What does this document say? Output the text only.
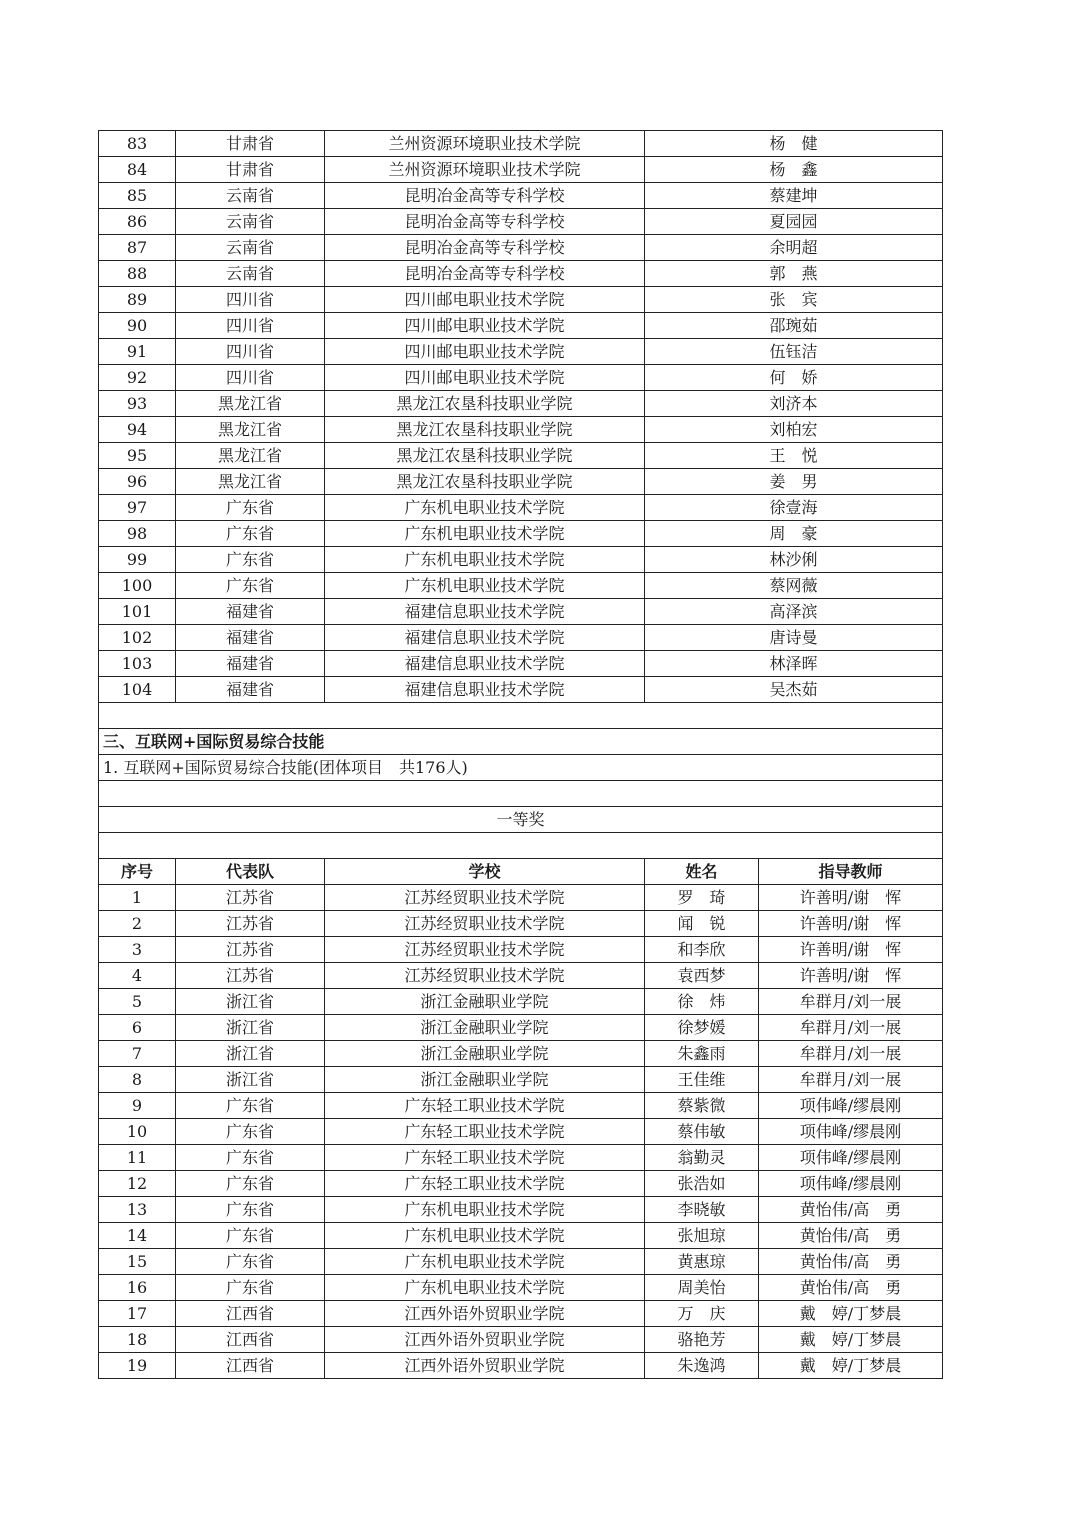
83	甘肃省	兰州资源环境职业技术学院	杨　健	
84	甘肃省	兰州资源环境职业技术学院	杨　鑫	
85	云南省	昆明冶金高等专科学校	蔡建坤	
86	云南省	昆明冶金高等专科学校	夏园园	
87	云南省	昆明冶金高等专科学校	余明超	
88	云南省	昆明冶金高等专科学校	郭　燕	
89	四川省	四川邮电职业技术学院	张　宾	
90	四川省	四川邮电职业技术学院	邵琬茹	
91	四川省	四川邮电职业技术学院	伍钰洁	
92	四川省	四川邮电职业技术学院	何　娇	
93	黑龙江省	黑龙江农垦科技职业学院	刘济本	
94	黑龙江省	黑龙江农垦科技职业学院	刘柏宏	
95	黑龙江省	黑龙江农垦科技职业学院	王　悦	
96	黑龙江省	黑龙江农垦科技职业学院	姜　男	
97	广东省	广东机电职业技术学院	徐壹海	
98	广东省	广东机电职业技术学院	周　豪	
99	广东省	广东机电职业技术学院	林沙俐	
100	广东省	广东机电职业技术学院	蔡网薇	
101	福建省	福建信息职业技术学院	高泽滨	
102	福建省	福建信息职业技术学院	唐诗曼	
103	福建省	福建信息职业技术学院	林泽晖	
104	福建省	福建信息职业技术学院	吴杰茹	

三、互联网+国际贸易综合技能				
1. 互联网+国际贸易综合技能(团体项目　共176人)				

一等奖				

序号	代表队	学校	姓名	指导教师
1	江苏省	江苏经贸职业技术学院	罗　琦	许善明/谢　恽
2	江苏省	江苏经贸职业技术学院	闻　锐	许善明/谢　恽
3	江苏省	江苏经贸职业技术学院	和李欣	许善明/谢　恽
4	江苏省	江苏经贸职业技术学院	袁西梦	许善明/谢　恽
5	浙江省	浙江金融职业学院	徐　炜	牟群月/刘一展
6	浙江省	浙江金融职业学院	徐梦媛	牟群月/刘一展
7	浙江省	浙江金融职业学院	朱鑫雨	牟群月/刘一展
8	浙江省	浙江金融职业学院	王佳维	牟群月/刘一展
9	广东省	广东轻工职业技术学院	蔡紫微	项伟峰/缪晨刚
10	广东省	广东轻工职业技术学院	蔡伟敏	项伟峰/缪晨刚
11	广东省	广东轻工职业技术学院	翁勤灵	项伟峰/缪晨刚
12	广东省	广东轻工职业技术学院	张浩如	项伟峰/缪晨刚
13	广东省	广东机电职业技术学院	李晓敏	黄怡伟/高　勇
14	广东省	广东机电职业技术学院	张旭琼	黄怡伟/高　勇
15	广东省	广东机电职业技术学院	黄惠琼	黄怡伟/高　勇
16	广东省	广东机电职业技术学院	周美怡	黄怡伟/高　勇
17	江西省	江西外语外贸职业学院	万　庆	戴　婷/丁梦晨
18	江西省	江西外语外贸职业学院	骆艳芳	戴　婷/丁梦晨
19	江西省	江西外语外贸职业学院	朱逸鸿	戴　婷/丁梦晨
